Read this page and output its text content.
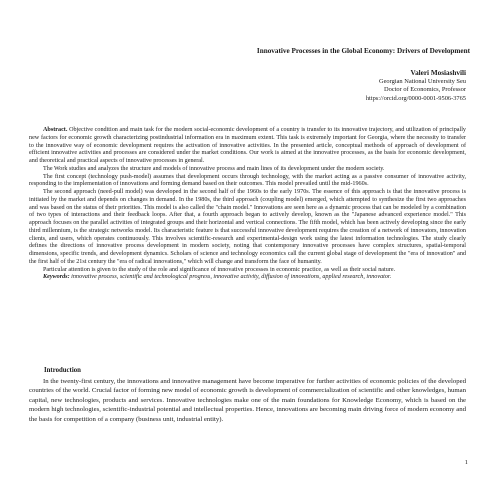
Innovative Processes in the Global Economy: Drivers of Development
Valeri Mosiashvili
Georgian National University Seu
Doctor of Economics, Professor
https://orcid.org/0000-0001-9506-3765

Abstract. Objective condition and main task for the modern social-economic development of a country is transfer to its innovative trajectory, and utilization of principally new factors for economic growth characterizing postindustrial information era in maximum extent. This task is extremely important for Georgia, where the necessity to transfer to the innovative way of economic development requires the activation of innovative activities. In the presented article, conceptual methods of approach of development of efficient innovative activities and processes are considered under the market conditions. Our work is aimed at the innovative processes, as the basis for economic development, and theoretical and practical aspects of innovative processes in general.

The Work studies and analyzes the structure and models of innovative process and main lines of its development under the modern society.

The first concept (technology push-model) assumes that development occurs through technology, with the market acting as a passive consumer of innovative activity, responding to the implementation of innovations and forming demand based on their outcomes. This model prevailed until the mid-1960s.

The second approach (need-pull model) was developed in the second half of the 1960s to the early 1970s. The essence of this approach is that the innovative process is initiated by the market and depends on changes in demand. In the 1980s, the third approach (coupling model) emerged, which attempted to synthesize the first two approaches and was based on the status of their priorities. This model is also called the "chain model." Innovations are seen here as a dynamic process that can be modeled by a combination of two types of interactions and their feedback loops. After that, a fourth approach began to actively develop, known as the "Japanese advanced experience model." This approach focuses on the parallel activities of integrated groups and their horizontal and vertical connections. The fifth model, which has been actively developing since the early third millennium, is the strategic networks model. Its characteristic feature is that successful innovative development requires the creation of a network of innovators, innovation clients, and users, which operates continuously. This involves scientific-research and experimental-design work using the latest information technologies. The study clearly defines the directions of innovative process development in modern society, noting that contemporary innovative processes have complex structures, spatial-temporal dimensions, specific trends, and development dynamics. Scholars of science and technology economics call the current global stage of development the "era of innovation" and the first half of the 21st century the "era of radical innovations," which will change and transform the face of humanity.

Particular attention is given to the study of the role and significance of innovative processes in economic practice, as well as their social nature.

Keywords: innovative process, scientific and technological progress, innovative activity, diffusion of innovations, applied research, innovator.

Introduction

In the twenty-first century, the innovations and innovative management have become imperative for further activities of economic policies of the developed countries of the world. Crucial factor of forming new model of economic growth is development of commercialization of scientific and other knowledges, human capital, new technologies, products and services. Innovative technologies make one of the main foundations for Knowledge Economy, which is based on the modern high technologies, scientific-industrial potential and intellectual properties. Hence, innovations are becoming main driving force of modern economy and the basis for competition of a company (business unit, industrial entity).

1
